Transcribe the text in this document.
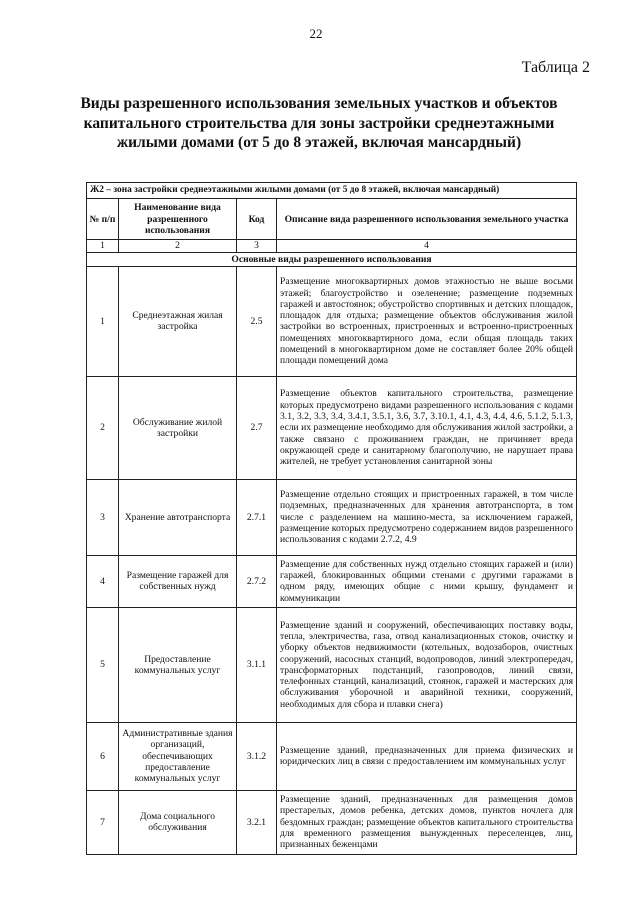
22
Таблица 2
Виды разрешенного использования земельных участков и объектов капитального строительства для зоны застройки среднеэтажными жилыми домами (от 5 до 8 этажей, включая мансардный)
Ж2 – зона застройки среднеэтажными жилыми домами (от 5 до 8 этажей, включая мансардный)			
№ п/п	Наименование вида разрешенного использования	Код	Описание вида разрешенного использования земельного участка
1	2	3	4
Основные виды разрешенного использования			
1	Среднеэтажная жилая застройка	2.5	Размещение многоквартирных домов этажностью не выше восьми этажей; благоустройство и озеленение; размещение подземных гаражей и автостоянок; обустройство спортивных и детских площадок, площадок для отдыха; размещение объектов обслуживания жилой застройки во встроенных, пристроенных и встроенно-пристроенных помещениях многоквартирного дома, если общая площадь таких помещений в многоквартирном доме не составляет более 20% общей площади помещений дома
2	Обслуживание жилой застройки	2.7	Размещение объектов капитального строительства, размещение которых предусмотрено видами разрешенного использования с кодами 3.1, 3.2, 3.3, 3.4, 3.4.1, 3.5.1, 3.6, 3.7, 3.10.1, 4.1, 4.3, 4.4, 4.6, 5.1.2, 5.1.3, если их размещение необходимо для обслуживания жилой застройки, а также связано с проживанием граждан, не причиняет вреда окружающей среде и санитарному благополучию, не нарушает права жителей, не требует установления санитарной зоны
3	Хранение автотранспорта	2.7.1	Размещение отдельно стоящих и пристроенных гаражей, в том числе подземных, предназначенных для хранения автотранспорта, в том числе с разделением на машино-места, за исключением гаражей, размещение которых предусмотрено содержанием видов разрешенного использования с кодами 2.7.2, 4.9
4	Размещение гаражей для собственных нужд	2.7.2	Размещение для собственных нужд отдельно стоящих гаражей и (или) гаражей, блокированных общими стенами с другими гаражами в одном ряду, имеющих общие с ними крышу, фундамент и коммуникации
5	Предоставление коммунальных услуг	3.1.1	Размещение зданий и сооружений, обеспечивающих поставку воды, тепла, электричества, газа, отвод канализационных стоков, очистку и уборку объектов недвижимости (котельных, водозаборов, очистных сооружений, насосных станций, водопроводов, линий электропередач, трансформаторных подстанций, газопроводов, линий связи, телефонных станций, канализаций, стоянок, гаражей и мастерских для обслуживания уборочной и аварийной техники, сооружений, необходимых для сбора и плавки снега)
6	Административные здания организаций, обеспечивающих предоставление коммунальных услуг	3.1.2	Размещение зданий, предназначенных для приема физических и юридических лиц в связи с предоставлением им коммунальных услуг
7	Дома социального обслуживания	3.2.1	Размещение зданий, предназначенных для размещения домов престарелых, домов ребенка, детских домов, пунктов ночлега для бездомных граждан; размещение объектов капитального строительства для временного размещения вынужденных переселенцев, лиц, признанных беженцами
